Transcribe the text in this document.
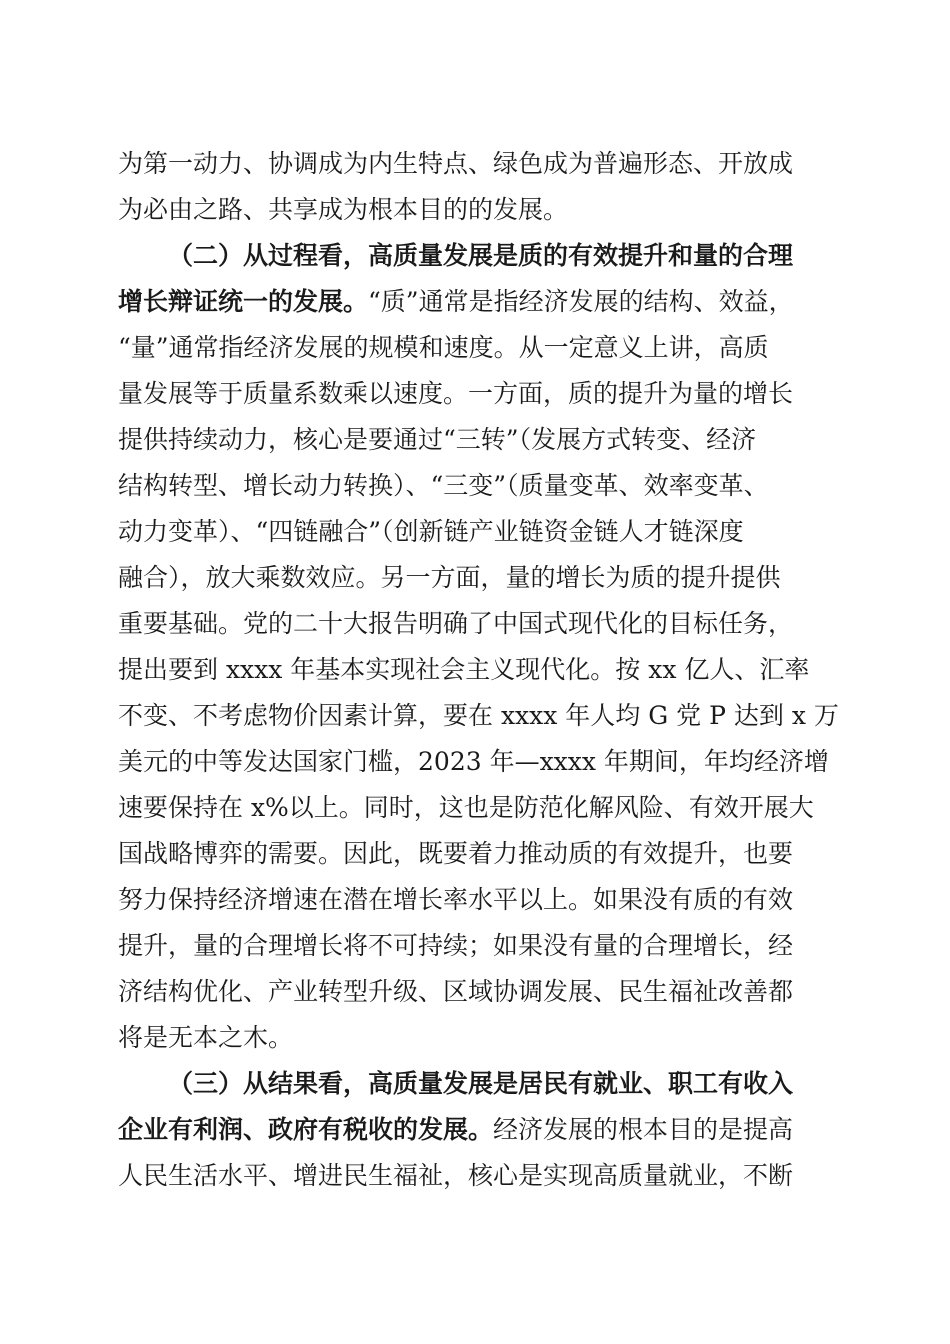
为第一动力、协调成为内生特点、绿色成为普遍形态、开放成
为必由之路、共享成为根本目的的发展。
（二）从过程看，高质量发展是质的有效提升和量的合理
增长辩证统一的发展。“质”通常是指经济发展的结构、效益，
“量”通常指经济发展的规模和速度。从一定意义上讲，高质
量发展等于质量系数乘以速度。一方面，质的提升为量的增长
提供持续动力，核心是要通过“三转”（发展方式转变、经济
结构转型、增长动力转换）、“三变”（质量变革、效率变革、
动力变革）、“四链融合”（创新链产业链资金链人才链深度
融合），放大乘数效应。另一方面，量的增长为质的提升提供
重要基础。党的二十大报告明确了中国式现代化的目标任务，
提出要到 xxxx 年基本实现社会主义现代化。按 xx 亿人、汇率
不变、不考虑物价因素计算，要在 xxxx 年人均 G 党 P 达到 x 万
美元的中等发达国家门槛，2023 年—xxxx 年期间，年均经济增
速要保持在 x%以上。同时，这也是防范化解风险、有效开展大
国战略博弈的需要。因此，既要着力推动质的有效提升，也要
努力保持经济增速在潜在增长率水平以上。如果没有质的有效
提升，量的合理增长将不可持续；如果没有量的合理增长，经
济结构优化、产业转型升级、区域协调发展、民生福祉改善都
将是无本之木。
（三）从结果看，高质量发展是居民有就业、职工有收入
企业有利润、政府有税收的发展。经济发展的根本目的是提高
人民生活水平、增进民生福祉，核心是实现高质量就业，不断
